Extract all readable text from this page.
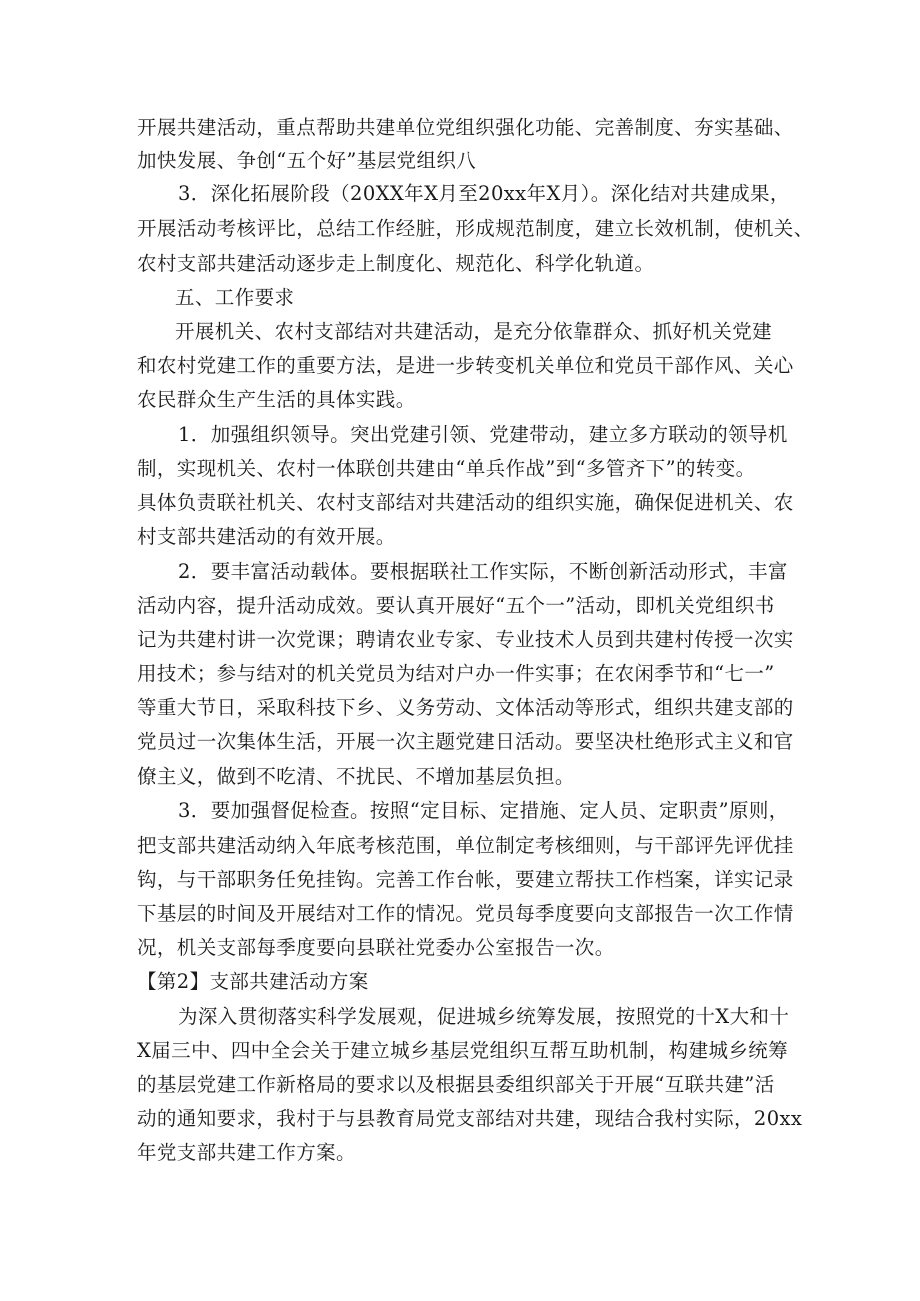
开展共建活动，重点帮助共建单位党组织强化功能、完善制度、夯实基础、
加快发展、争创“五个好”基层党组织八
3．深化拓展阶段（20XX年X月至20xx年X月）。深化结对共建成果，
开展活动考核评比，总结工作经脏，形成规范制度，建立长效机制，使机关、
农村支部共建活动逐步走上制度化、规范化、科学化轨道。
五、工作要求
开展机关、农村支部结对共建活动，是充分依靠群众、抓好机关党建
和农村党建工作的重要方法，是进一步转变机关单位和党员干部作风、关心
农民群众生产生活的具体实践。
1．加强组织领导。突出党建引领、党建带动，建立多方联动的领导机
制，实现机关、农村一体联创共建由“单兵作战”到“多管齐下”的转变。
具体负责联社机关、农村支部结对共建活动的组织实施，确保促进机关、农
村支部共建活动的有效开展。
2．要丰富活动载体。要根据联社工作实际，不断创新活动形式，丰富
活动内容，提升活动成效。要认真开展好“五个一”活动，即机关党组织书
记为共建村讲一次党课；聘请农业专家、专业技术人员到共建村传授一次实
用技术；参与结对的机关党员为结对户办一件实事；在农闲季节和“七一”
等重大节日，采取科技下乡、义务劳动、文体活动等形式，组织共建支部的
党员过一次集体生活，开展一次主题党建日活动。要坚决杜绝形式主义和官
僚主义，做到不吃清、不扰民、不增加基层负担。
3．要加强督促检查。按照“定目标、定措施、定人员、定职责”原则，
把支部共建活动纳入年底考核范围，单位制定考核细则，与干部评先评优挂
钩，与干部职务任免挂钩。完善工作台帐，要建立帮扶工作档案，详实记录
下基层的时间及开展结对工作的情况。党员每季度要向支部报告一次工作情
况，机关支部每季度要向县联社党委办公室报告一次。
【第2】支部共建活动方案
为深入贯彻落实科学发展观，促进城乡统筹发展，按照党的十X大和十
X届三中、四中全会关于建立城乡基层党组织互帮互助机制，构建城乡统筹
的基层党建工作新格局的要求以及根据县委组织部关于开展“互联共建”活
动的通知要求，我村于与县教育局党支部结对共建，现结合我村实际，20xx
年党支部共建工作方案。
